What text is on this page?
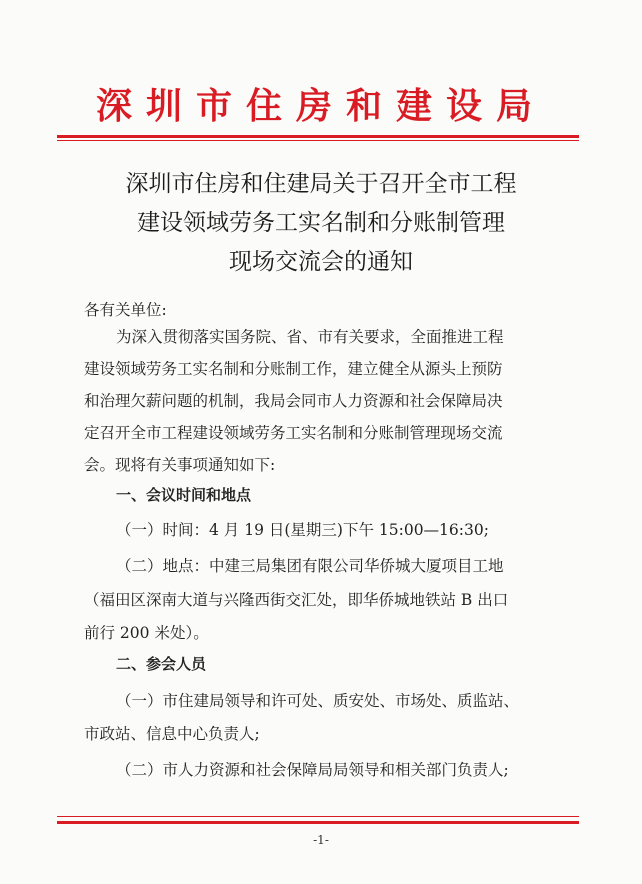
深圳市住房和建设局
深圳市住房和住建局关于召开全市工程
建设领域劳务工实名制和分账制管理
现场交流会的通知
各有关单位:
为深入贯彻落实国务院、省、市有关要求，全面推进工程
建设领域劳务工实名制和分账制工作，建立健全从源头上预防
和治理欠薪问题的机制，我局会同市人力资源和社会保障局决
定召开全市工程建设领域劳务工实名制和分账制管理现场交流
会。现将有关事项通知如下:
一、会议时间和地点
（一）时间：4 月 19 日(星期三)下午 15:00—16:30;
（二）地点：中建三局集团有限公司华侨城大厦项目工地
（福田区深南大道与兴隆西街交汇处，即华侨城地铁站 B 出口
前行 200 米处）。
二、参会人员
（一）市住建局领导和许可处、质安处、市场处、质监站、
市政站、信息中心负责人;
（二）市人力资源和社会保障局局领导和相关部门负责人;
-1-
